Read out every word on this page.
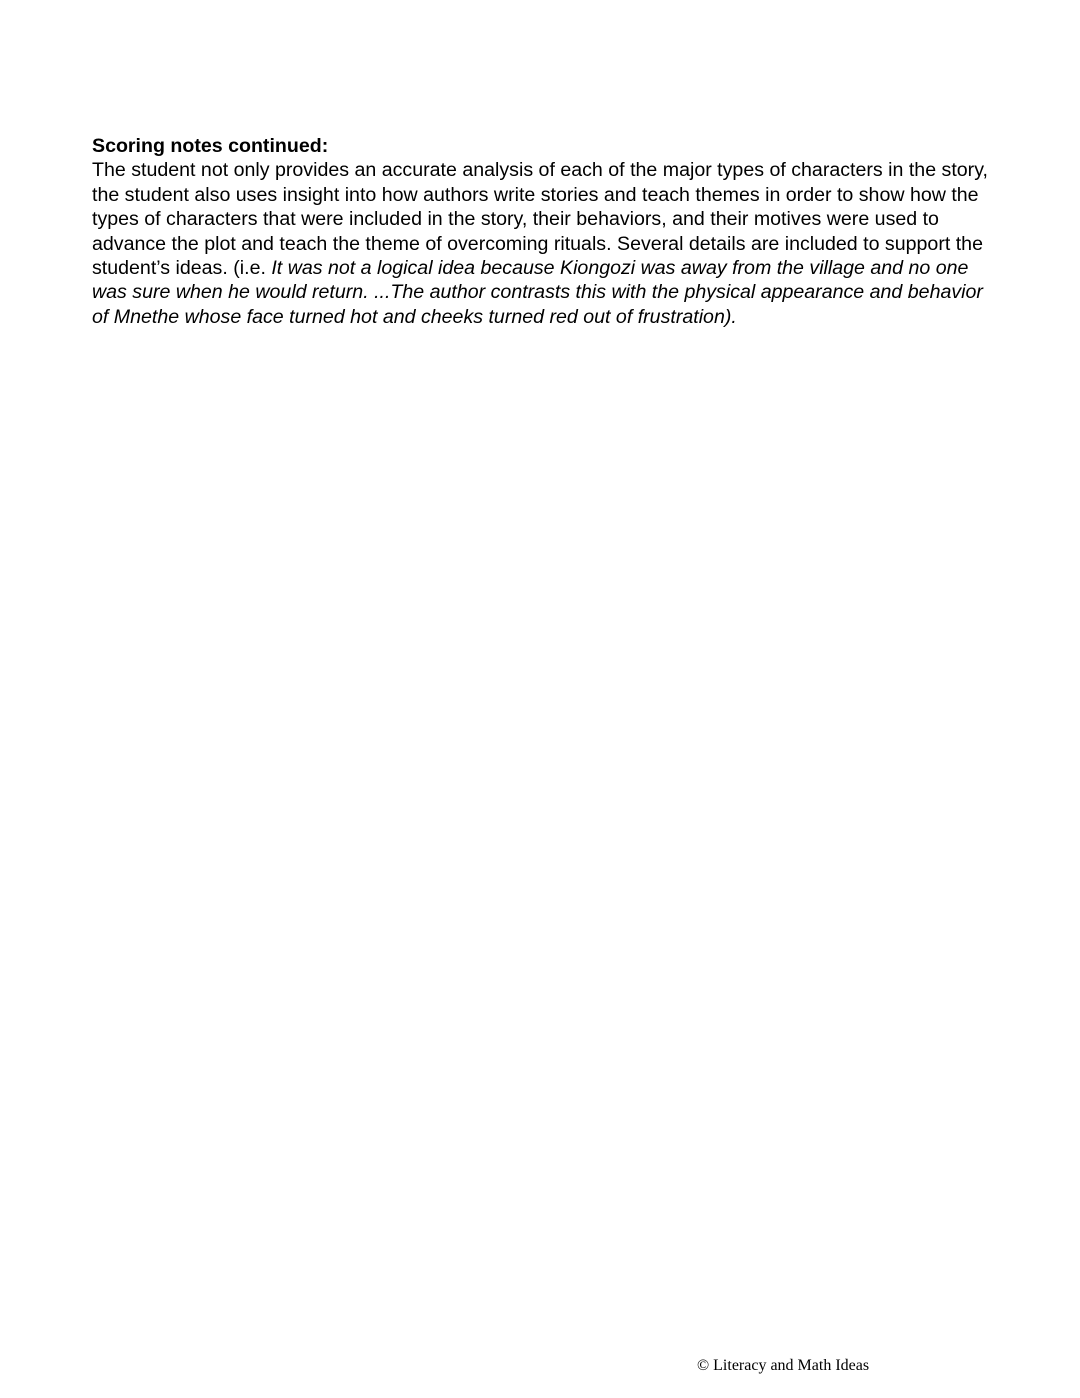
Scoring notes continued:

The student not only provides an accurate analysis of each of the major types of characters in the story, the student also uses insight into how authors write stories and teach themes in order to show how the types of characters that were included in the story, their behaviors, and their motives were used to advance the plot and teach the theme of overcoming rituals. Several details are included to support the student’s ideas. (i.e. It was not a logical idea because Kiongozi was away from the village and no one was sure when he would return. ...The author contrasts this with the physical appearance and behavior of Mnethe whose face turned hot and cheeks turned red out of frustration).

© Literacy and Math Ideas
